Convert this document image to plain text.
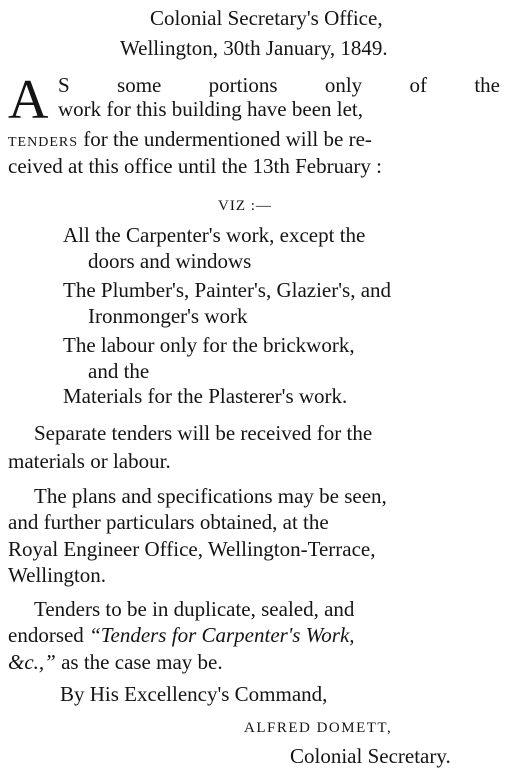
Colonial Secretary's Office,
Wellington, 30th January, 1849.
A S some portions only of the
work for this building have been let,
TENDERS for the undermentioned will be re-
ceived at this office until the 13th February :
VIZ :—
All the Carpenter's work, except the
doors and windows
The Plumber's, Painter's, Glazier's, and
Ironmonger's work
The labour only for the brickwork,
and the
Materials for the Plasterer's work.
Separate tenders will be received for the
materials or labour.
The plans and specifications may be seen,
and further particulars obtained, at the
Royal Engineer Office, Wellington-Terrace,
Wellington.
Tenders to be in duplicate, sealed, and
endorsed “Tenders for Carpenter's Work,
&c.,” as the case may be.
By His Excellency's Command,
ALFRED DOMETT,
Colonial Secretary.
